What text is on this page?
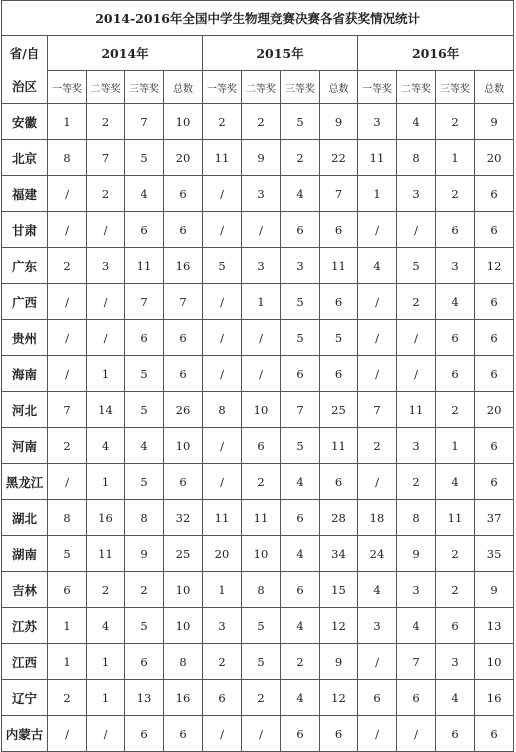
2014-2016年全国中学生物理竞赛决赛各省获奖情况统计												

省/自
治区	2014年				2015年				2016年			
	一等奖	二等奖	三等奖	总数	一等奖	二等奖	三等奖	总数	一等奖	二等奖	三等奖	总数
安徽	1	2	7	10	2	2	5	9	3	4	2	9
北京	8	7	5	20	11	9	2	22	11	8	1	20
福建	/	2	4	6	/	3	4	7	1	3	2	6
甘肃	/	/	6	6	/	/	6	6	/	/	6	6
广东	2	3	11	16	5	3	3	11	4	5	3	12
广西	/	/	7	7	/	1	5	6	/	2	4	6
贵州	/	/	6	6	/	/	5	5	/	/	6	6
海南	/	1	5	6	/	/	6	6	/	/	6	6
河北	7	14	5	26	8	10	7	25	7	11	2	20
河南	2	4	4	10	/	6	5	11	2	3	1	6
黑龙江	/	1	5	6	/	2	4	6	/	2	4	6
湖北	8	16	8	32	11	11	6	28	18	8	11	37
湖南	5	11	9	25	20	10	4	34	24	9	2	35
吉林	6	2	2	10	1	8	6	15	4	3	2	9
江苏	1	4	5	10	3	5	4	12	3	4	6	13
江西	1	1	6	8	2	5	2	9	/	7	3	10
辽宁	2	1	13	16	6	2	4	12	6	6	4	16
内蒙古	/	/	6	6	/	/	6	6	/	/	6	6
